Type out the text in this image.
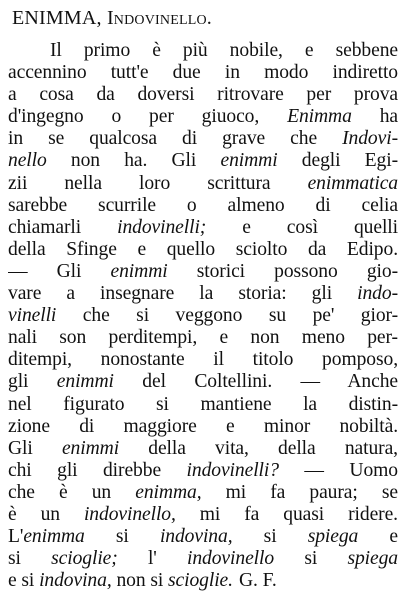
ENIMMA, Indovinello.

Il primo è più nobile, e sebbene
accennino tutt'e due in modo indiretto
a cosa da doversi ritrovare per prova
d'ingegno o per giuoco, Enimma ha
in se qualcosa di grave che Indovi-
nello non ha. Gli enimmi degli Egi-
zii nella loro scrittura enimmatica
sarebbe scurrile o almeno di celia
chiamarli indovinelli; e così quelli
della Sfinge e quello sciolto da Edipo.
— Gli enimmi storici possono gio-
vare a insegnare la storia: gli indo-
vinelli che si veggono su pe' gior-
nali son perditempi, e non meno per-
ditempi, nonostante il titolo pomposo,
gli enimmi del Coltellini. — Anche
nel figurato si mantiene la distin-
zione di maggiore e minor nobiltà.
Gli enimmi della vita, della natura,
chi gli direbbe indovinelli? — Uomo
che è un enimma, mi fa paura; se
è un indovinello, mi fa quasi ridere.
L'enimma si indovina, si spiega e
si scioglie; l' indovinello si spiega
e si indovina, non si scioglie. G. F.
